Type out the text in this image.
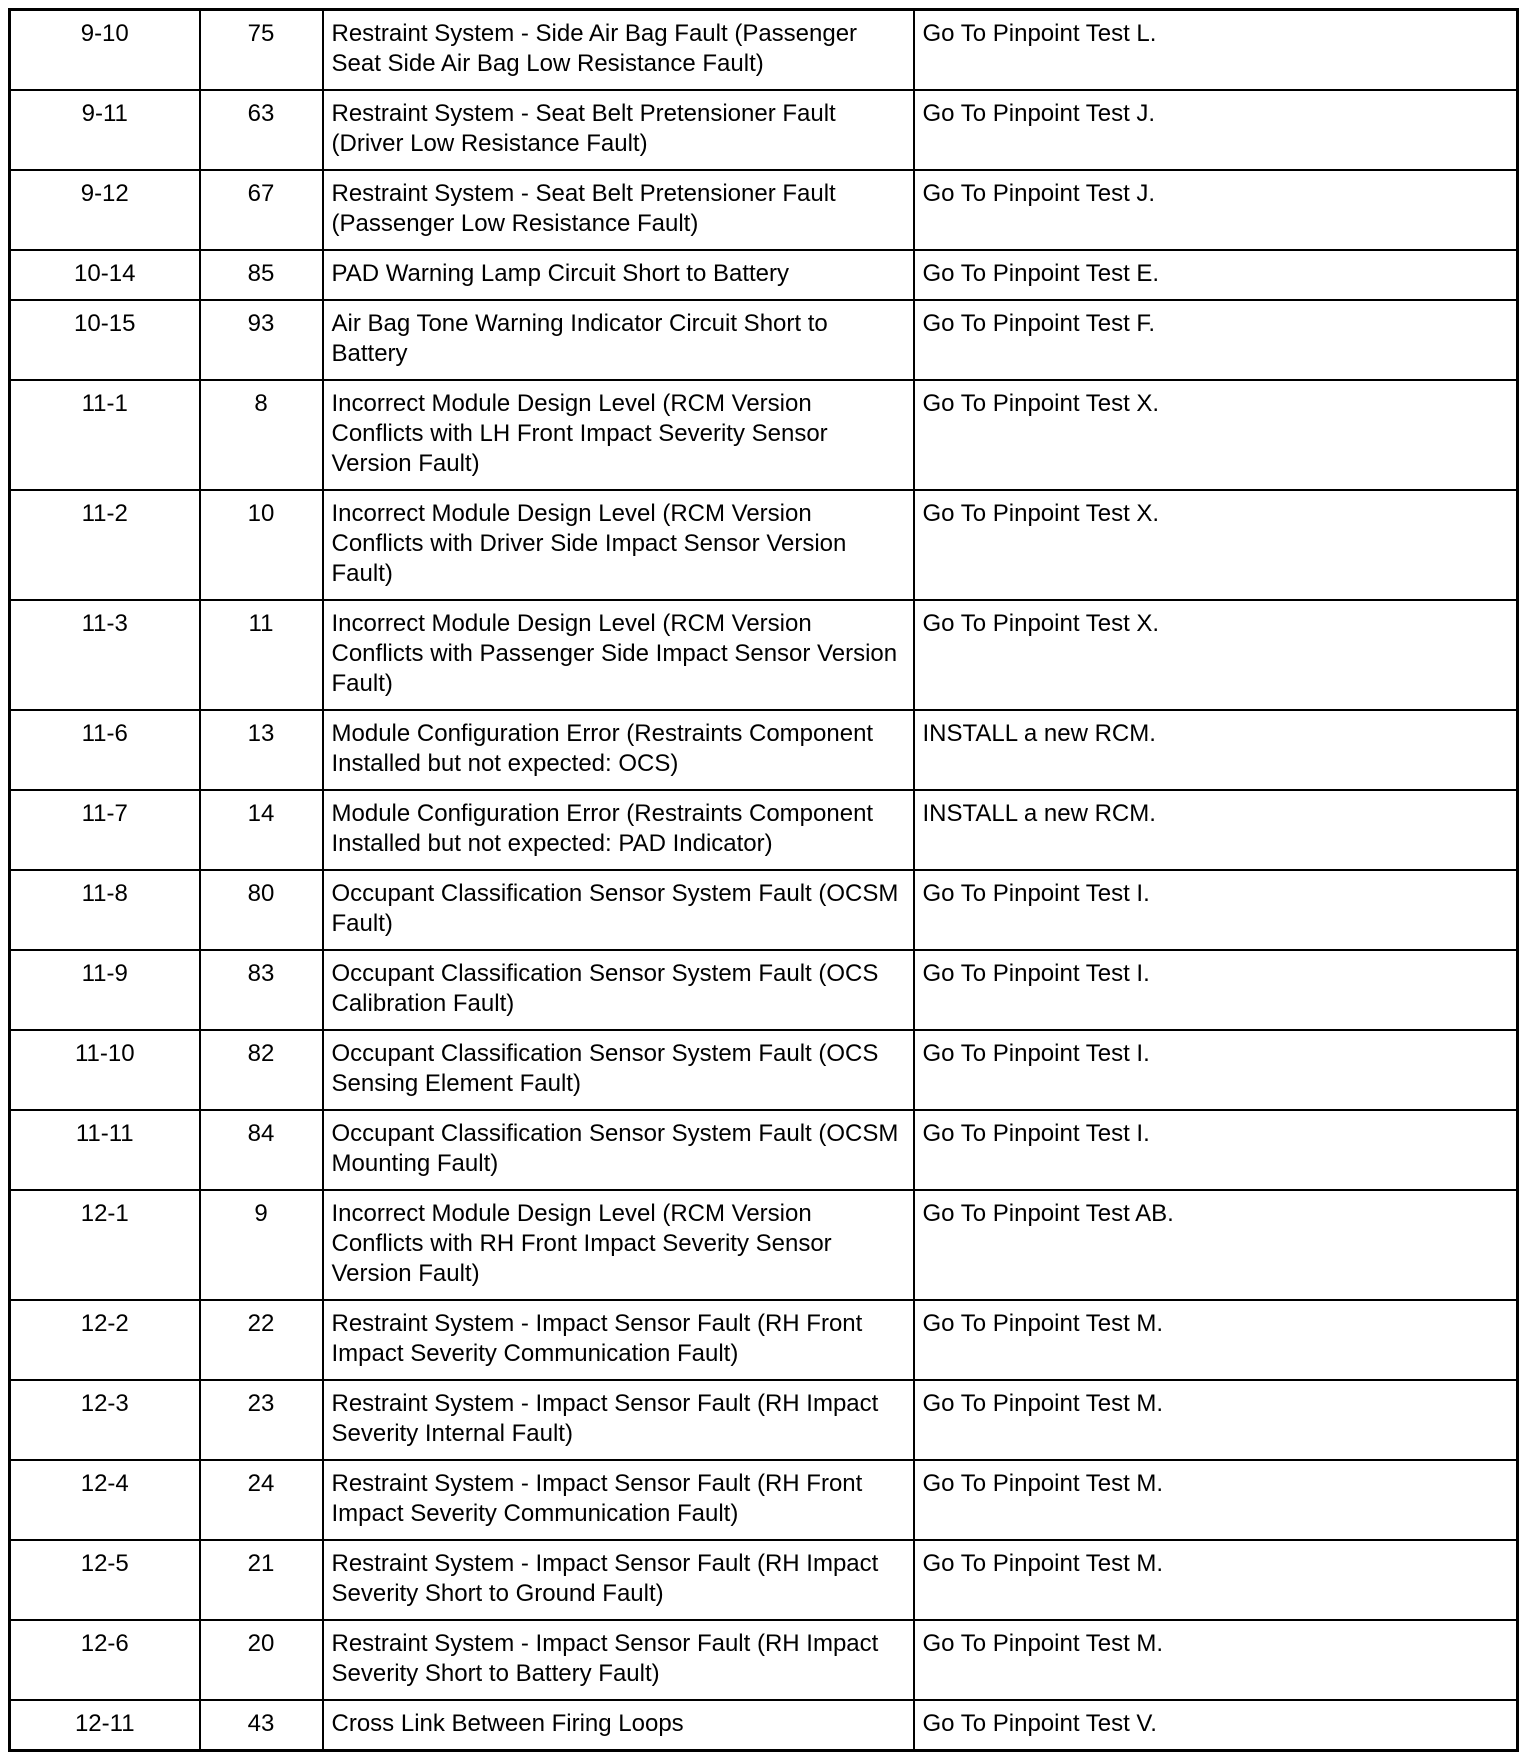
9-10	75	Restraint System - Side Air Bag Fault (Passenger Seat Side Air Bag Low Resistance Fault)	Go To Pinpoint Test L.
9-11	63	Restraint System - Seat Belt Pretensioner Fault (Driver Low Resistance Fault)	Go To Pinpoint Test J.
9-12	67	Restraint System - Seat Belt Pretensioner Fault (Passenger Low Resistance Fault)	Go To Pinpoint Test J.
10-14	85	PAD Warning Lamp Circuit Short to Battery	Go To Pinpoint Test E.
10-15	93	Air Bag Tone Warning Indicator Circuit Short to Battery	Go To Pinpoint Test F.
11-1	8	Incorrect Module Design Level (RCM Version Conflicts with LH Front Impact Severity Sensor Version Fault)	Go To Pinpoint Test X.
11-2	10	Incorrect Module Design Level (RCM Version Conflicts with Driver Side Impact Sensor Version Fault)	Go To Pinpoint Test X.
11-3	11	Incorrect Module Design Level (RCM Version Conflicts with Passenger Side Impact Sensor Version Fault)	Go To Pinpoint Test X.
11-6	13	Module Configuration Error (Restraints Component Installed but not expected: OCS)	INSTALL a new RCM.
11-7	14	Module Configuration Error (Restraints Component Installed but not expected: PAD Indicator)	INSTALL a new RCM.
11-8	80	Occupant Classification Sensor System Fault (OCSM Fault)	Go To Pinpoint Test I.
11-9	83	Occupant Classification Sensor System Fault (OCS Calibration Fault)	Go To Pinpoint Test I.
11-10	82	Occupant Classification Sensor System Fault (OCS Sensing Element Fault)	Go To Pinpoint Test I.
11-11	84	Occupant Classification Sensor System Fault (OCSM Mounting Fault)	Go To Pinpoint Test I.
12-1	9	Incorrect Module Design Level (RCM Version Conflicts with RH Front Impact Severity Sensor Version Fault)	Go To Pinpoint Test AB.
12-2	22	Restraint System - Impact Sensor Fault (RH Front Impact Severity Communication Fault)	Go To Pinpoint Test M.
12-3	23	Restraint System - Impact Sensor Fault (RH Impact Severity Internal Fault)	Go To Pinpoint Test M.
12-4	24	Restraint System - Impact Sensor Fault (RH Front Impact Severity Communication Fault)	Go To Pinpoint Test M.
12-5	21	Restraint System - Impact Sensor Fault (RH Impact Severity Short to Ground Fault)	Go To Pinpoint Test M.
12-6	20	Restraint System - Impact Sensor Fault (RH Impact Severity Short to Battery Fault)	Go To Pinpoint Test M.
12-11	43	Cross Link Between Firing Loops	Go To Pinpoint Test V.
